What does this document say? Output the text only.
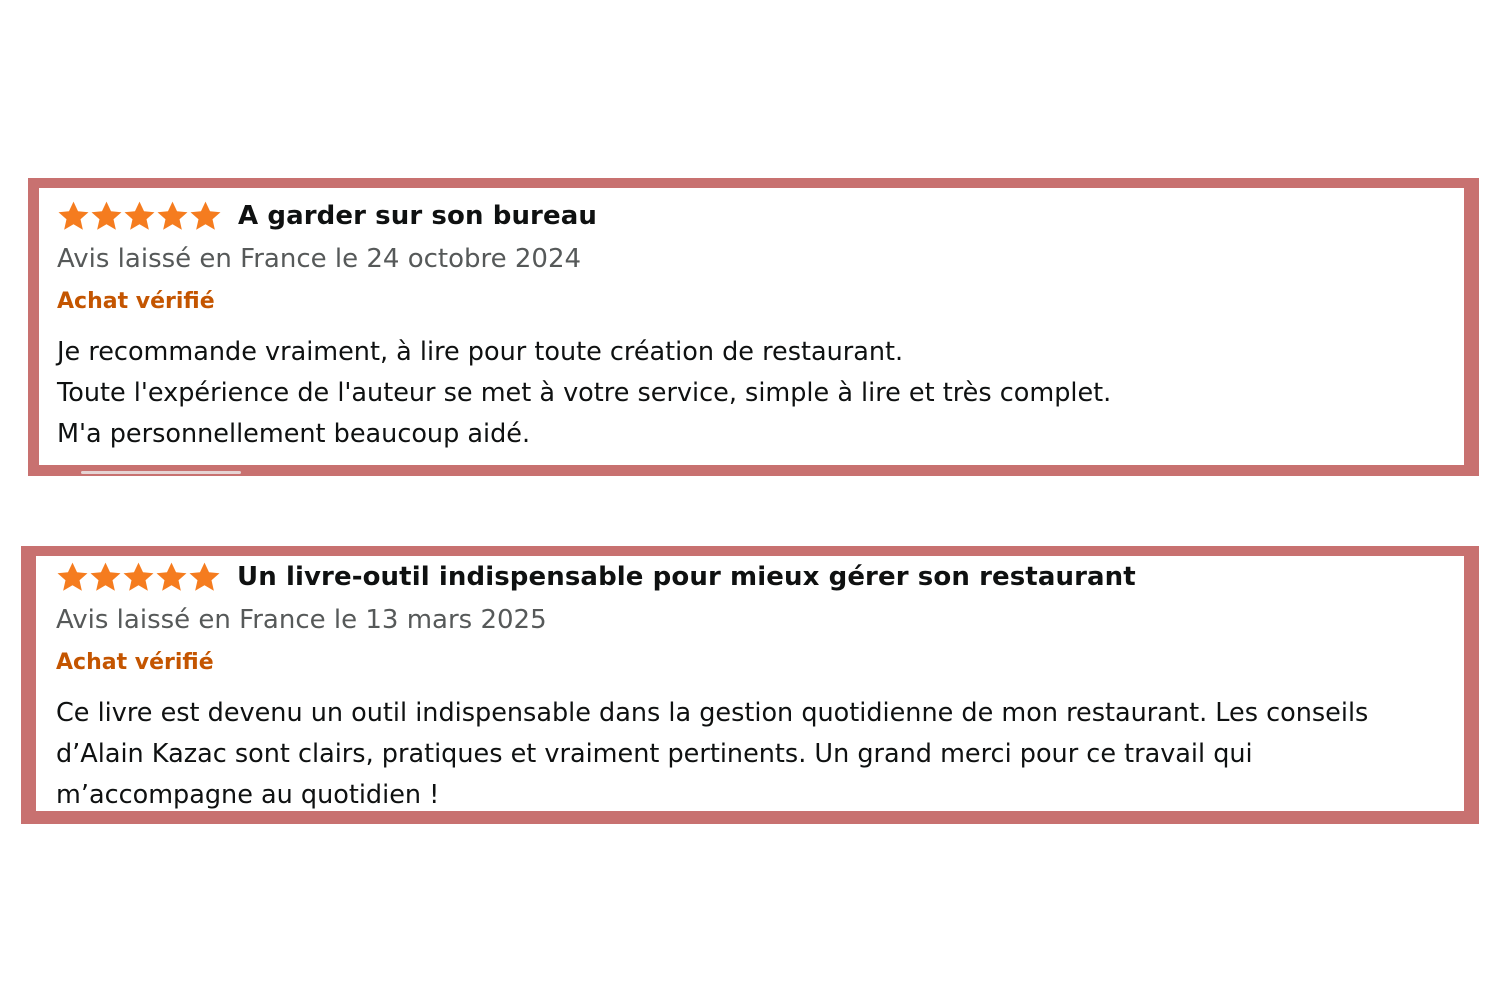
A garder sur son bureau
Avis laissé en France le 24 octobre 2024
Achat vérifié
Je recommande vraiment, à lire pour toute création de restaurant.
Toute l'expérience de l'auteur se met à votre service, simple à lire et très complet.
M'a personnellement beaucoup aidé.
Un livre-outil indispensable pour mieux gérer son restaurant
Avis laissé en France le 13 mars 2025
Achat vérifié
Ce livre est devenu un outil indispensable dans la gestion quotidienne de mon restaurant. Les conseils
d’Alain Kazac sont clairs, pratiques et vraiment pertinents. Un grand merci pour ce travail qui
m’accompagne au quotidien !
